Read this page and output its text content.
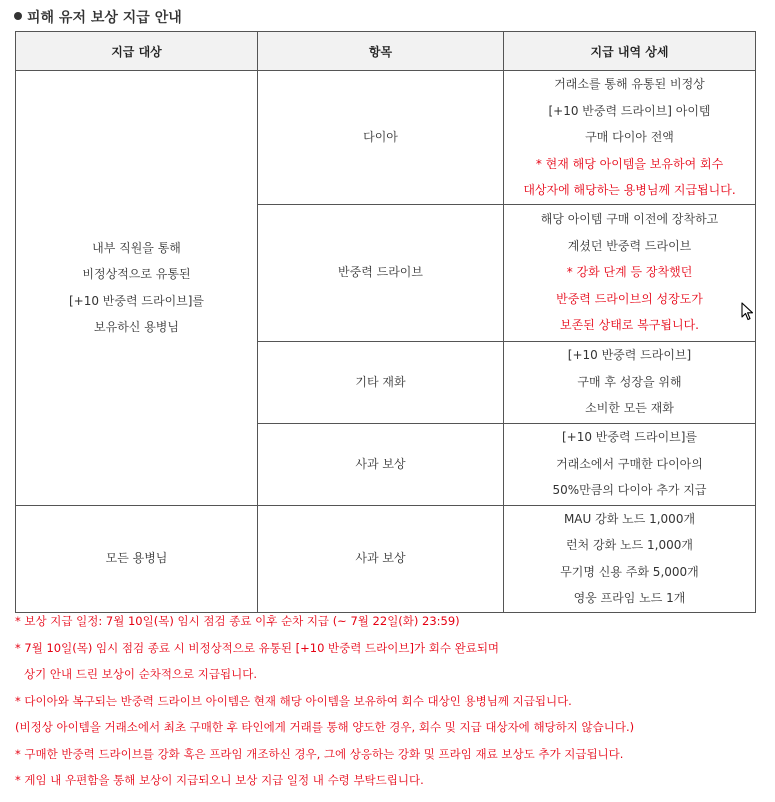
피해 유저 보상 지급 안내
지급 대상	항목	지급 내역 상세

내부 직원을 통해
비정상적으로 유통된
[+10 반중력 드라이브]를
보유하신 용병님	다이아	거래소를 통해 유통된 비정상
[+10 반중력 드라이브] 아이템
구매 다이아 전액
* 현재 해당 아이템을 보유하여 회수
대상자에 해당하는 용병님께 지급됩니다.

	반중력 드라이브	해당 아이템 구매 이전에 장착하고
계셨던 반중력 드라이브
* 강화 단계 등 장착했던
반중력 드라이브의 성장도가
보존된 상태로 복구됩니다.

	기타 재화	[+10 반중력 드라이브]
구매 후 성장을 위해
소비한 모든 재화

	사과 보상	[+10 반중력 드라이브]를
거래소에서 구매한 다이아의
50%만큼의 다이아 추가 지급

모든 용병님	사과 보상	MAU 강화 노드 1,000개
런처 강화 노드 1,000개
무기명 신용 주화 5,000개
영웅 프라임 노드 1개
* 보상 지급 일정: 7월 10일(목) 임시 점검 종료 이후 순차 지급 (~ 7월 22일(화) 23:59)
* 7월 10일(목) 임시 점검 종료 시 비정상적으로 유통된 [+10 반중력 드라이브]가 회수 완료되며
상기 안내 드린 보상이 순차적으로 지급됩니다.
* 다이아와 복구되는 반중력 드라이브 아이템은 현재 해당 아이템을 보유하여 회수 대상인 용병님께 지급됩니다.
(비정상 아이템을 거래소에서 최초 구매한 후 타인에게 거래를 통해 양도한 경우, 회수 및 지급 대상자에 해당하지 않습니다.)
* 구매한 반중력 드라이브를 강화 혹은 프라임 개조하신 경우, 그에 상응하는 강화 및 프라임 재료 보상도 추가 지급됩니다.
* 게임 내 우편함을 통해 보상이 지급되오니 보상 지급 일정 내 수령 부탁드립니다.
